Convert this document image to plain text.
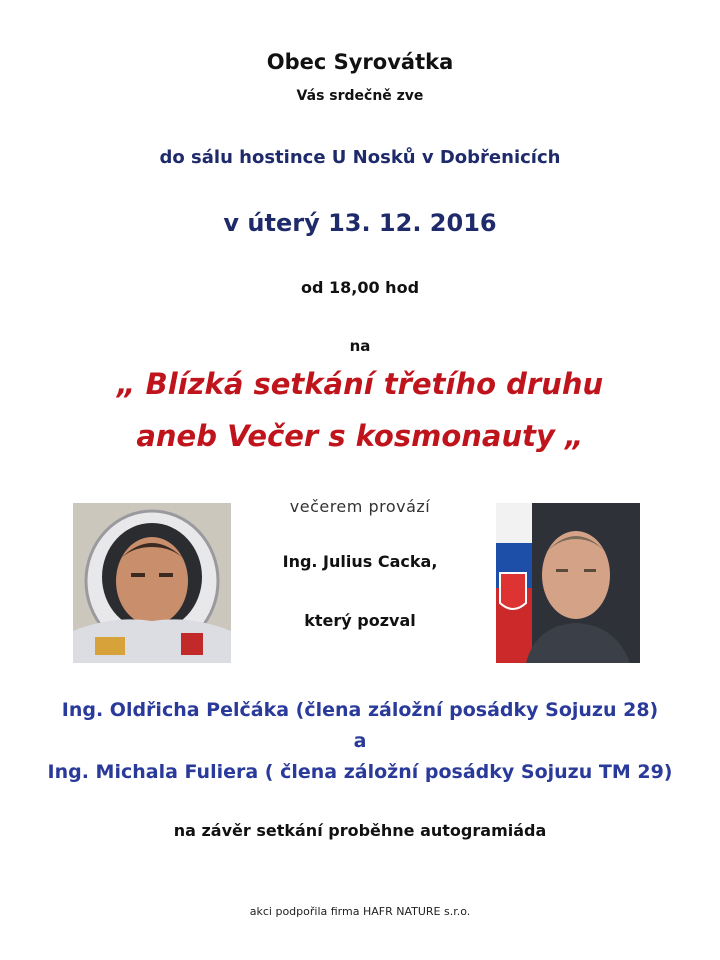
Obec Syrovátka
Vás srdečně zve
do sálu hostince U Nosků v Dobřenicích
v úterý 13. 12. 2016
od 18,00 hod
na
„ Blízká setkání třetího druhu
aneb Večer s kosmonauty „
večerem provází
Ing. Julius Cacka,
který pozval
Ing. Oldřicha Pelčáka (člena záložní posádky Sojuzu 28)
a
Ing. Michala Fuliera ( člena záložní posádky Sojuzu TM 29)
na závěr setkání proběhne autogramiáda
akci podpořila firma HAFR NATURE s.r.o.
